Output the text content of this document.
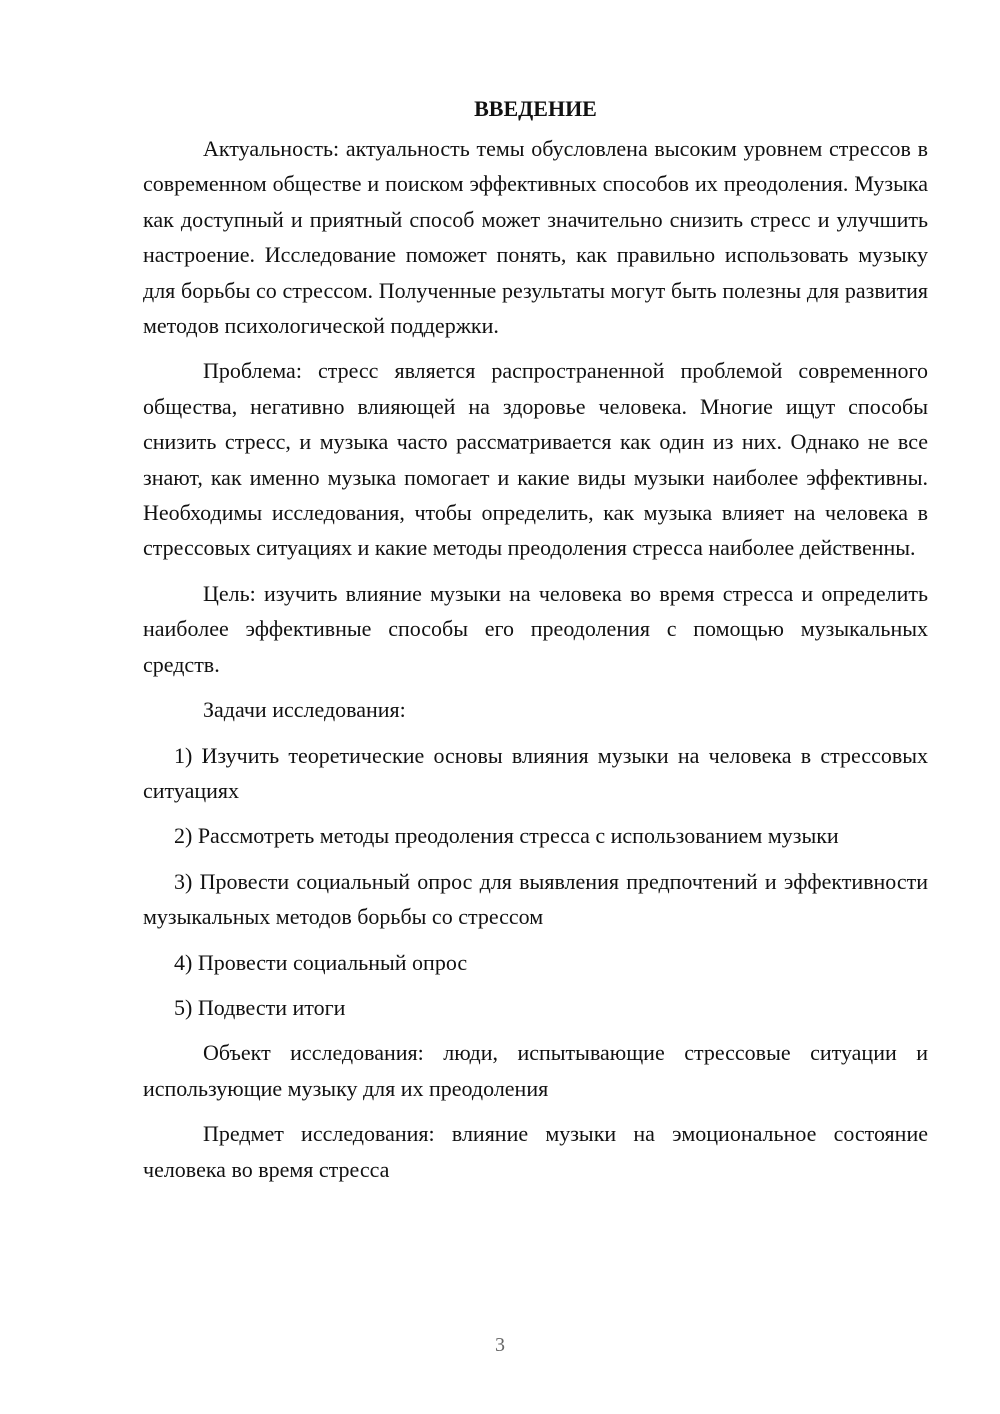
ВВЕДЕНИЕ

Актуальность: актуальность темы обусловлена высоким уровнем стрессов в современном обществе и поиском эффективных способов их преодоления. Музыка как доступный и приятный способ может значительно снизить стресс и улучшить настроение. Исследование поможет понять, как правильно использовать музыку для борьбы со стрессом. Полученные результаты могут быть полезны для развития методов психологической поддержки.

Проблема: стресс является распространенной проблемой современного общества, негативно влияющей на здоровье человека. Многие ищут способы снизить стресс, и музыка часто рассматривается как один из них. Однако не все знают, как именно музыка помогает и какие виды музыки наиболее эффективны. Необходимы исследования, чтобы определить, как музыка влияет на человека в стрессовых ситуациях и какие методы преодоления стресса наиболее действенны.

Цель: изучить влияние музыки на человека во время стресса и определить наиболее эффективные способы его преодоления с помощью музыкальных средств.

Задачи исследования:

1) Изучить теоретические основы влияния музыки на человека в стрессовых ситуациях

2) Рассмотреть методы преодоления стресса с использованием музыки

3) Провести социальный опрос для выявления предпочтений и эффективности музыкальных методов борьбы со стрессом

4) Провести социальный опрос

5) Подвести итоги

Объект исследования: люди, испытывающие стрессовые ситуации и использующие музыку для их преодоления

Предмет исследования: влияние музыки на эмоциональное состояние человека во время стресса

3
